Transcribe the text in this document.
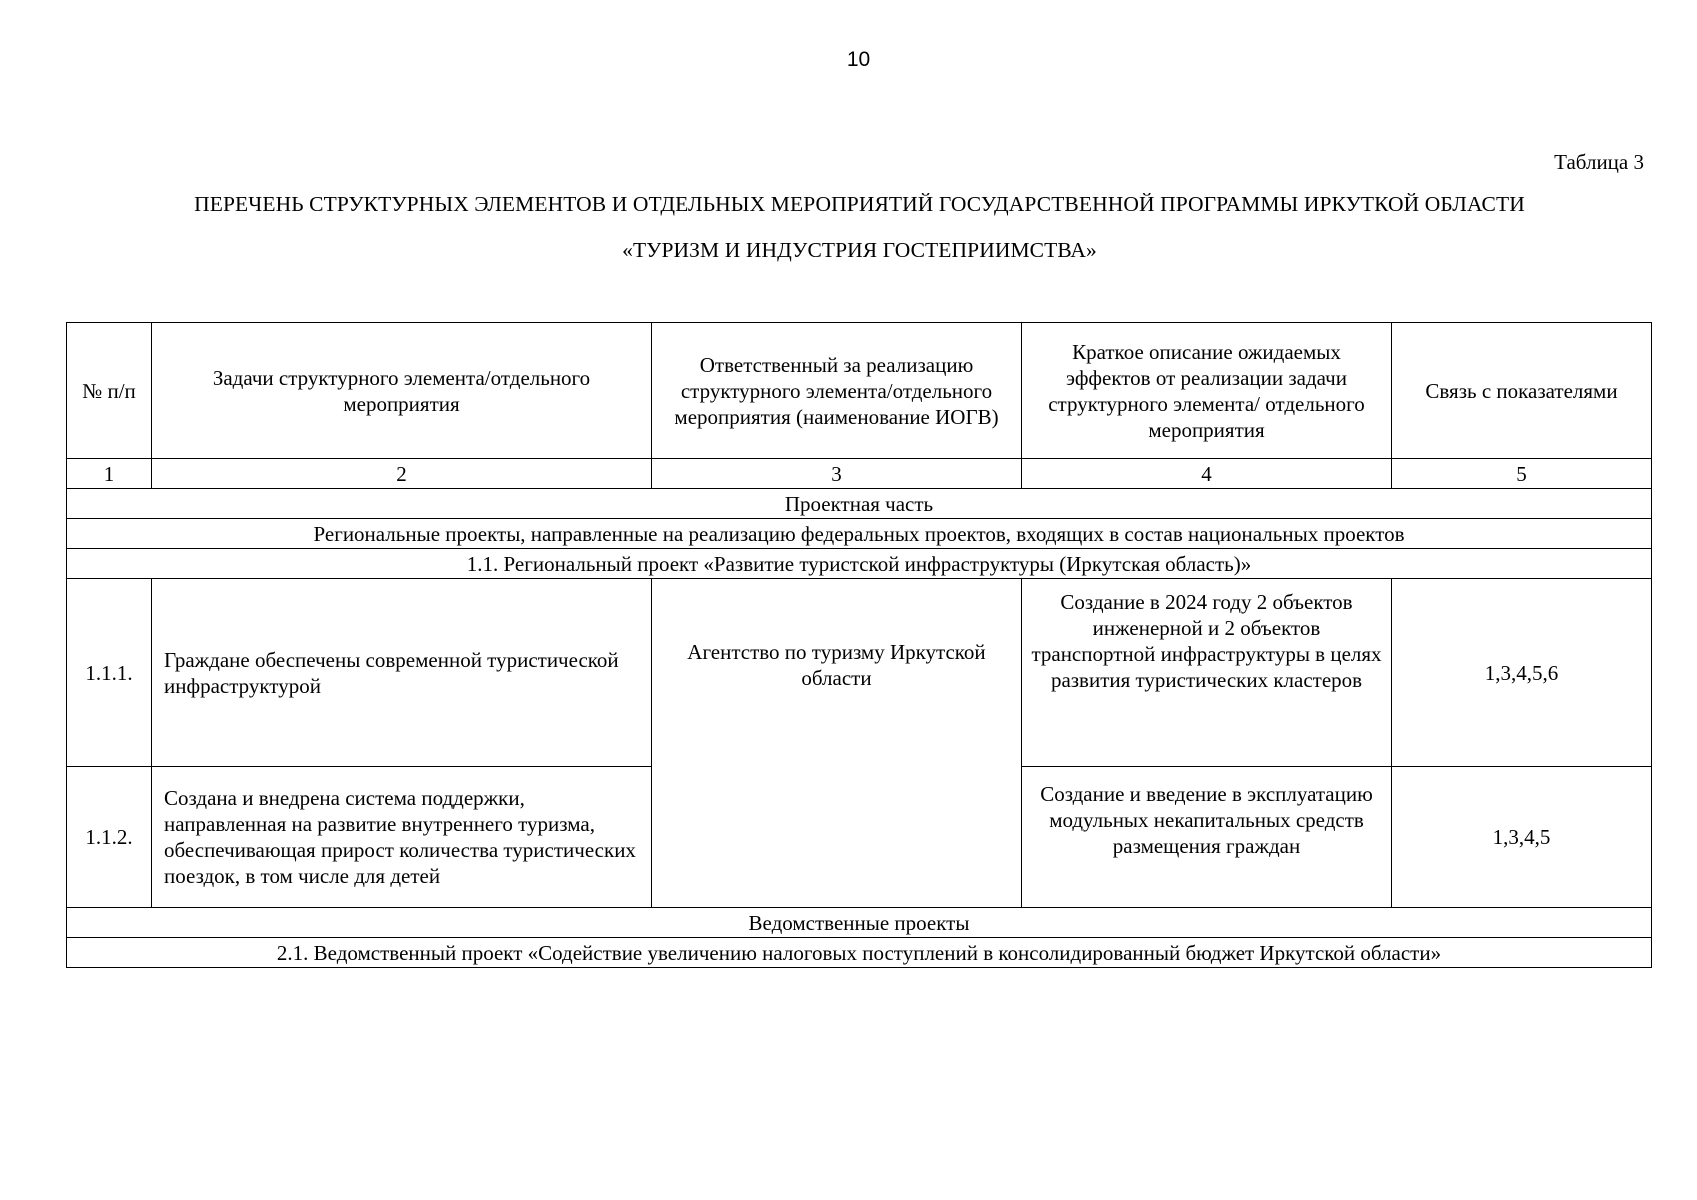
10
Таблица 3
ПЕРЕЧЕНЬ СТРУКТУРНЫХ ЭЛЕМЕНТОВ И ОТДЕЛЬНЫХ МЕРОПРИЯТИЙ ГОСУДАРСТВЕННОЙ ПРОГРАММЫ ИРКУТКОЙ ОБЛАСТИ
«ТУРИЗМ И ИНДУСТРИЯ ГОСТЕПРИИМСТВА»
№ п/п	Задачи структурного элемента/отдельного мероприятия	Ответственный за реализацию структурного элемента/отдельного мероприятия (наименование ИОГВ)	Краткое описание ожидаемых эффектов от реализации задачи структурного элемента/ отдельного мероприятия	Связь с показателями
1	2	3	4	5
Проектная часть				
Региональные проекты, направленные на реализацию федеральных проектов, входящих в состав национальных проектов				
1.1. Региональный проект «Развитие туристской инфраструктуры (Иркутская область)»				
1.1.1.	Граждане обеспечены современной туристической инфраструктурой	Агентство по туризму Иркутской области	Создание в 2024 году 2 объектов инженерной и 2 объектов транспортной инфраструктуры в целях развития туристических кластеров	1,3,4,5,6
1.1.2.	Создана и внедрена система поддержки, направленная на развитие внутреннего туризма, обеспечивающая прирост количества туристических поездок, в том числе для детей		Создание и введение в эксплуатацию модульных некапитальных средств размещения граждан	1,3,4,5
Ведомственные проекты				
2.1. Ведомственный проект «Содействие увеличению налоговых поступлений в консолидированный бюджет Иркутской области»				
